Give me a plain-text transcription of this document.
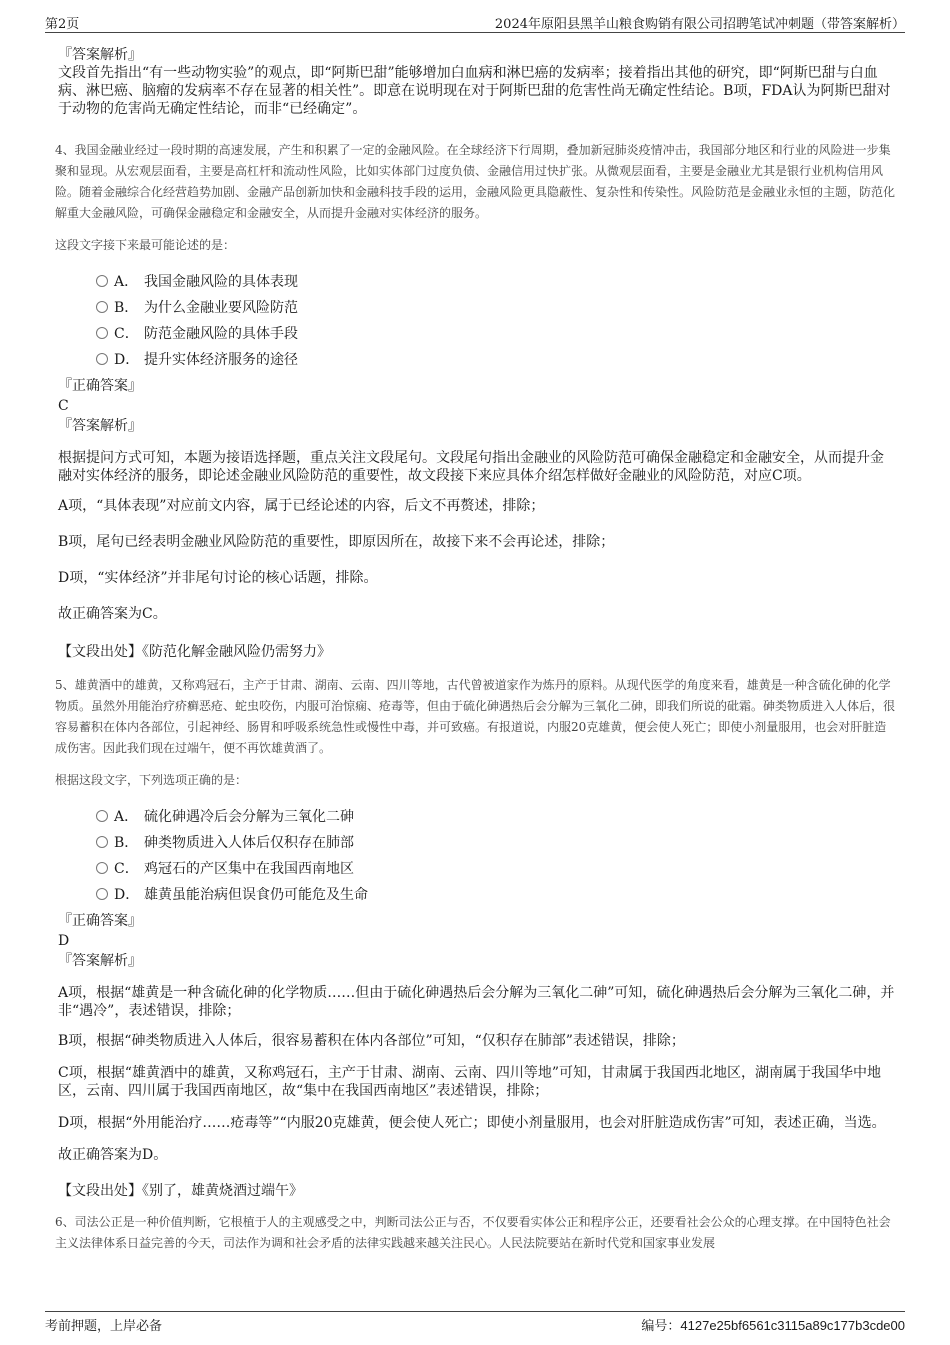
第2页	2024年原阳县黑羊山粮食购销有限公司招聘笔试冲刺题（带答案解析）
『答案解析』
文段首先指出“有一些动物实验”的观点，即“阿斯巴甜”能够增加白血病和淋巴癌的发病率；接着指出其他的研究，即“阿斯巴甜与白血病、淋巴癌、脑瘤的发病率不存在显著的相关性”。即意在说明现在对于阿斯巴甜的危害性尚无确定性结论。B项，FDA认为阿斯巴甜对于动物的危害尚无确定性结论，而非“已经确定”。
4、我国金融业经过一段时期的高速发展，产生和积累了一定的金融风险。在全球经济下行周期，叠加新冠肺炎疫情冲击，我国部分地区和行业的风险进一步集聚和显现。从宏观层面看，主要是高杠杆和流动性风险，比如实体部门过度负债、金融信用过快扩张。从微观层面看，主要是金融业尤其是银行业机构信用风险。随着金融综合化经营趋势加剧、金融产品创新加快和金融科技手段的运用，金融风险更具隐蔽性、复杂性和传染性。风险防范是金融业永恒的主题，防范化解重大金融风险，可确保金融稳定和金融安全，从而提升金融对实体经济的服务。
这段文字接下来最可能论述的是：
A． 我国金融风险的具体表现
B． 为什么金融业要风险防范
C． 防范金融风险的具体手段
D． 提升实体经济服务的途径
『正确答案』
C
『答案解析』
根据提问方式可知，本题为接语选择题，重点关注文段尾句。文段尾句指出金融业的风险防范可确保金融稳定和金融安全，从而提升金融对实体经济的服务，即论述金融业风险防范的重要性，故文段接下来应具体介绍怎样做好金融业的风险防范，对应C项。
A项，“具体表现”对应前文内容，属于已经论述的内容，后文不再赘述，排除；
B项，尾句已经表明金融业风险防范的重要性，即原因所在，故接下来不会再论述，排除；
D项，“实体经济”并非尾句讨论的核心话题，排除。
故正确答案为C。
【文段出处】《防范化解金融风险仍需努力》
5、雄黄酒中的雄黄，又称鸡冠石，主产于甘肃、湖南、云南、四川等地，古代曾被道家作为炼丹的原料。从现代医学的角度来看，雄黄是一种含硫化砷的化学物质。虽然外用能治疗疥癣恶疮、蛇虫咬伤，内服可治惊痫、疮毒等，但由于硫化砷遇热后会分解为三氧化二砷，即我们所说的砒霜。砷类物质进入人体后，很容易蓄积在体内各部位，引起神经、肠胃和呼吸系统急性或慢性中毒，并可致癌。有报道说，内服20克雄黄，便会使人死亡；即使小剂量服用，也会对肝脏造成伤害。因此我们现在过端午，便不再饮雄黄酒了。
根据这段文字，下列选项正确的是：
A． 硫化砷遇冷后会分解为三氧化二砷
B． 砷类物质进入人体后仅积存在肺部
C． 鸡冠石的产区集中在我国西南地区
D． 雄黄虽能治病但误食仍可能危及生命
『正确答案』
D
『答案解析』
A项，根据“雄黄是一种含硫化砷的化学物质……但由于硫化砷遇热后会分解为三氧化二砷”可知，硫化砷遇热后会分解为三氧化二砷，并非“遇冷”，表述错误，排除；
B项，根据“砷类物质进入人体后，很容易蓄积在体内各部位”可知，“仅积存在肺部”表述错误，排除；
C项，根据“雄黄酒中的雄黄，又称鸡冠石，主产于甘肃、湖南、云南、四川等地”可知，甘肃属于我国西北地区，湖南属于我国华中地区，云南、四川属于我国西南地区，故“集中在我国西南地区”表述错误，排除；
D项，根据“外用能治疗……疮毒等”“内服20克雄黄，便会使人死亡；即使小剂量服用，也会对肝脏造成伤害”可知，表述正确，当选。
故正确答案为D。
【文段出处】《别了，雄黄烧酒过端午》
6、司法公正是一种价值判断，它根植于人的主观感受之中，判断司法公正与否，不仅要看实体公正和程序公正，还要看社会公众的心理支撑。在中国特色社会主义法律体系日益完善的今天，司法作为调和社会矛盾的法律实践越来越关注民心。人民法院要站在新时代党和国家事业发展
考前押题，上岸必备	编号：4127e25bf6561c3115a89c177b3cde00
